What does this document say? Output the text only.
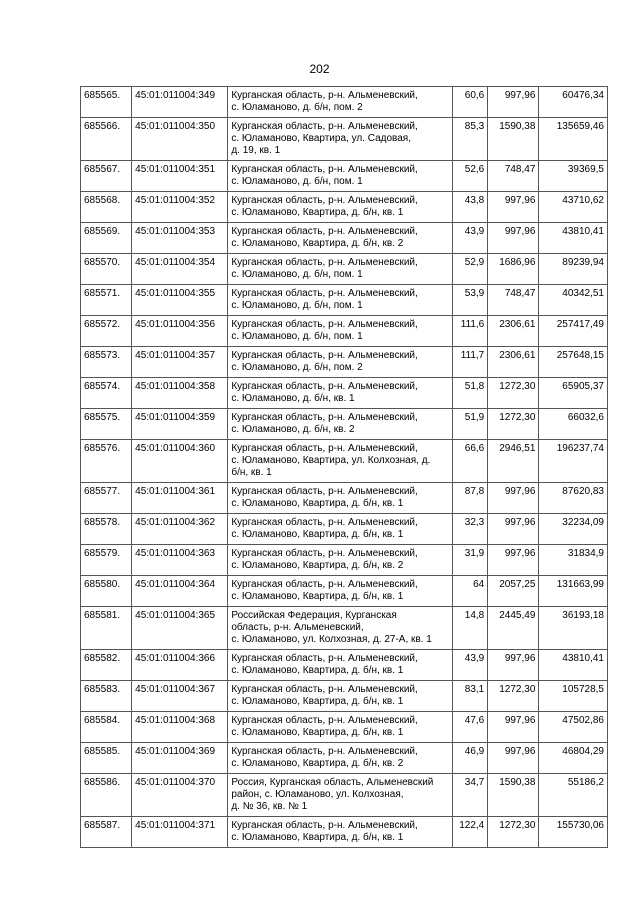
202
685565.	45:01:011004:349	Курганская область, р-н. Альменевский,
с. Юламаново, д. б/н, пом. 2	60,6	997,96	60476,34
685566.	45:01:011004:350	Курганская область, р-н. Альменевский,
с. Юламаново, Квартира, ул. Садовая,
д. 19, кв. 1	85,3	1590,38	135659,46
685567.	45:01:011004:351	Курганская область, р-н. Альменевский,
с. Юламаново, д. б/н, пом. 1	52,6	748,47	39369,5
685568.	45:01:011004:352	Курганская область, р-н. Альменевский,
с. Юламаново, Квартира, д. б/н, кв. 1	43,8	997,96	43710,62
685569.	45:01:011004:353	Курганская область, р-н. Альменевский,
с. Юламаново, Квартира, д. б/н, кв. 2	43,9	997,96	43810,41
685570.	45:01:011004:354	Курганская область, р-н. Альменевский,
с. Юламаново, д. б/н, пом. 1	52,9	1686,96	89239,94
685571.	45:01:011004:355	Курганская область, р-н. Альменевский,
с. Юламаново, д. б/н, пом. 1	53,9	748,47	40342,51
685572.	45:01:011004:356	Курганская область, р-н. Альменевский,
с. Юламаново, д. б/н, пом. 1	111,6	2306,61	257417,49
685573.	45:01:011004:357	Курганская область, р-н. Альменевский,
с. Юламаново, д. б/н, пом. 2	111,7	2306,61	257648,15
685574.	45:01:011004:358	Курганская область, р-н. Альменевский,
с. Юламаново, д. б/н, кв. 1	51,8	1272,30	65905,37
685575.	45:01:011004:359	Курганская область, р-н. Альменевский,
с. Юламаново, д. б/н, кв. 2	51,9	1272,30	66032,6
685576.	45:01:011004:360	Курганская область, р-н. Альменевский,
с. Юламаново, Квартира, ул. Колхозная, д.
б/н, кв. 1	66,6	2946,51	196237,74
685577.	45:01:011004:361	Курганская область, р-н. Альменевский,
с. Юламаново, Квартира, д. б/н, кв. 1	87,8	997,96	87620,83
685578.	45:01:011004:362	Курганская область, р-н. Альменевский,
с. Юламаново, Квартира, д. б/н, кв. 1	32,3	997,96	32234,09
685579.	45:01:011004:363	Курганская область, р-н. Альменевский,
с. Юламаново, Квартира, д. б/н, кв. 2	31,9	997,96	31834,9
685580.	45:01:011004:364	Курганская область, р-н. Альменевский,
с. Юламаново, Квартира, д. б/н, кв. 1	64	2057,25	131663,99
685581.	45:01:011004:365	Российская Федерация, Курганская
область, р-н. Альменевский,
с. Юламаново, ул. Колхозная, д. 27-А, кв. 1	14,8	2445,49	36193,18
685582.	45:01:011004:366	Курганская область, р-н. Альменевский,
с. Юламаново, Квартира, д. б/н, кв. 1	43,9	997,96	43810,41
685583.	45:01:011004:367	Курганская область, р-н. Альменевский,
с. Юламаново, Квартира, д. б/н, кв. 1	83,1	1272,30	105728,5
685584.	45:01:011004:368	Курганская область, р-н. Альменевский,
с. Юламаново, Квартира, д. б/н, кв. 1	47,6	997,96	47502,86
685585.	45:01:011004:369	Курганская область, р-н. Альменевский,
с. Юламаново, Квартира, д. б/н, кв. 2	46,9	997,96	46804,29
685586.	45:01:011004:370	Россия, Курганская область, Альменевский
район, с. Юламаново, ул. Колхозная,
д. № 36, кв. № 1	34,7	1590,38	55186,2
685587.	45:01:011004:371	Курганская область, р-н. Альменевский,
с. Юламаново, Квартира, д. б/н, кв. 1	122,4	1272,30	155730,06
